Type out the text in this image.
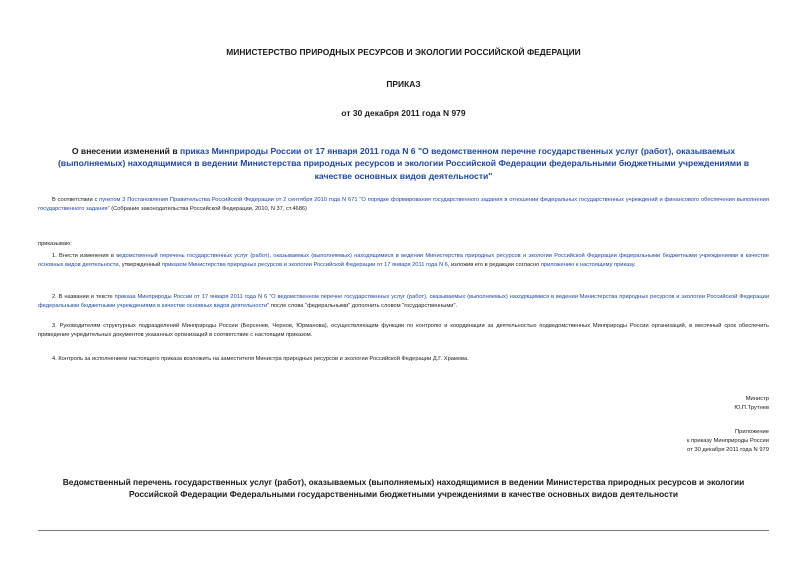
МИНИСТЕРСТВО ПРИРОДНЫХ РЕСУРСОВ И ЭКОЛОГИИ РОССИЙСКОЙ ФЕДЕРАЦИИ
ПРИКАЗ
от 30 декабря 2011 года N 979
О внесении изменений в приказ Минприроды России от 17 января 2011 года N 6 "О ведомственном перечне государственных услуг (работ), оказываемых (выполняемых) находящимися в ведении Министерства природных ресурсов и экологии Российской Федерации федеральными бюджетными учреждениями в качестве основных видов деятельности"
В соответствии с пунктом 3 Постановления Правительства Российской Федерации от 2 сентября 2010 года N 671 "О порядке формирования государственного задания в отношении федеральных государственных учреждений и финансового обеспечения выполнения государственного задания" (Собрание законодательства Российской Федерации, 2010, N 37, ст.4686)
приказываю:
1. Внести изменения в ведомственный перечень государственных услуг (работ), оказываемых (выполняемых) находящимися в ведении Министерства природных ресурсов и экологии Российской Федерации федеральными бюджетными учреждениями в качестве основных видов деятельности, утвержденный приказом Министерства природных ресурсов и экологии Российской Федерации от 17 января 2011 года N 6, изложив его в редакции согласно приложению к настоящему приказу.
2. В названии и тексте приказа Минприроды России от 17 января 2011 года N 6 "О ведомственном перечне государственных услуг (работ), оказываемых (выполняемых) находящимися в ведении Министерства природных ресурсов и экологии Российской Федерации федеральными бюджетными учреждениями в качестве основных видов деятельности" после слова "федеральными" дополнить словом "государственными".
3. Руководителям структурных подразделений Минприроды России (Берсенев, Чернов, Юрманова), осуществляющим функции по контролю и координации за деятельностью подведомственных Минприроды России организаций, в месячный срок обеспечить приведение учредительных документов указанных организаций в соответствие с настоящим приказом.
4. Контроль за исполнением настоящего приказа возложить на заместителя Министра природных ресурсов и экологии Российской Федерации Д.Г. Храмова.
Министр
Ю.П.Трутнев
Приложение
к приказу Минприроды России
от 30 декабря 2011 года N 979
Ведомственный перечень государственных услуг (работ), оказываемых (выполняемых) находящимися в ведении Министерства природных ресурсов и экологии Российской Федерации Федеральными государственными бюджетными учреждениями в качестве основных видов деятельности
